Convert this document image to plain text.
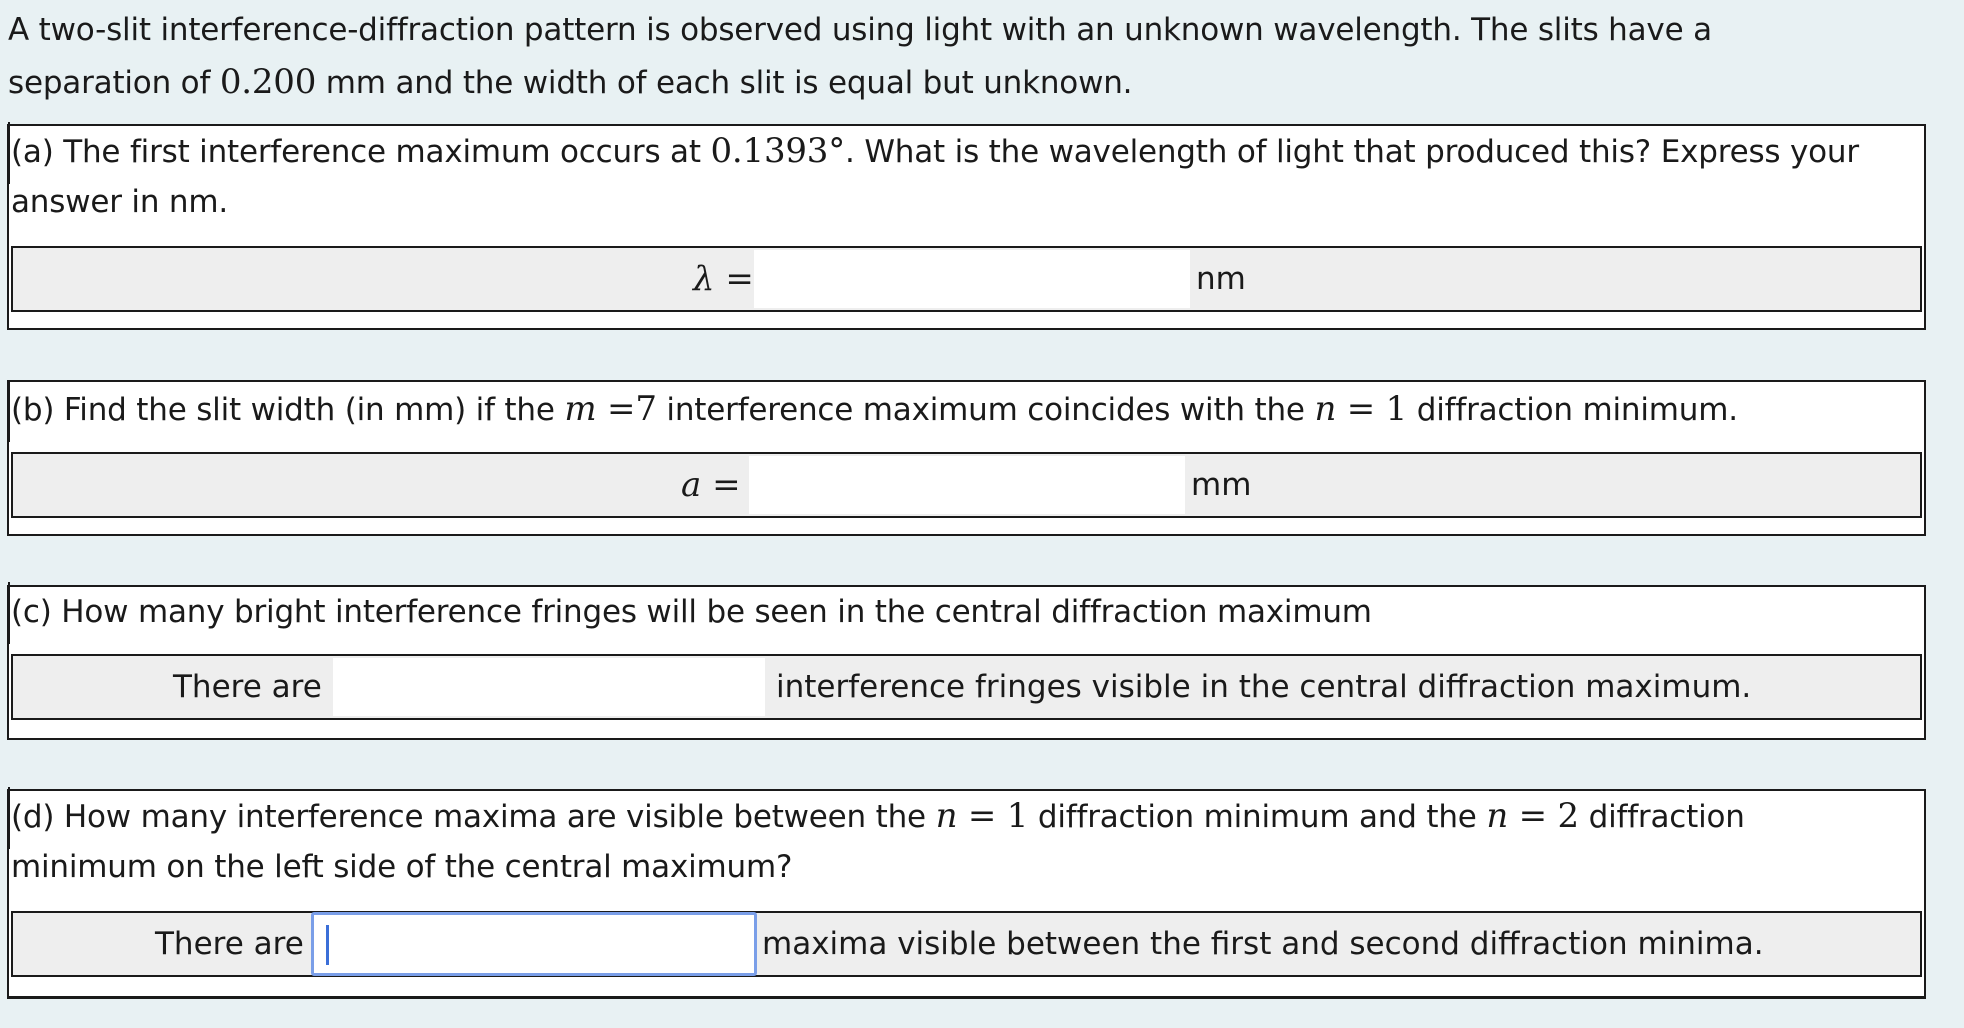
A two-slit interference-diffraction pattern is observed using light with an unknown wavelength. The slits have a
separation of 0.200 mm and the width of each slit is equal but unknown.
(a) The first interference maximum occurs at 0.1393°. What is the wavelength of light that produced this? Express your
answer in nm.
λ =	nm
(b) Find the slit width (in mm) if the m =7 interference maximum coincides with the n = 1 diffraction minimum.
a =	mm
(c) How many bright interference fringes will be seen in the central diffraction maximum
There are	interference fringes visible in the central diffraction maximum.
(d) How many interference maxima are visible between the n = 1 diffraction minimum and the n = 2 diffraction
minimum on the left side of the central maximum?
There are	maxima visible between the first and second diffraction minima.
